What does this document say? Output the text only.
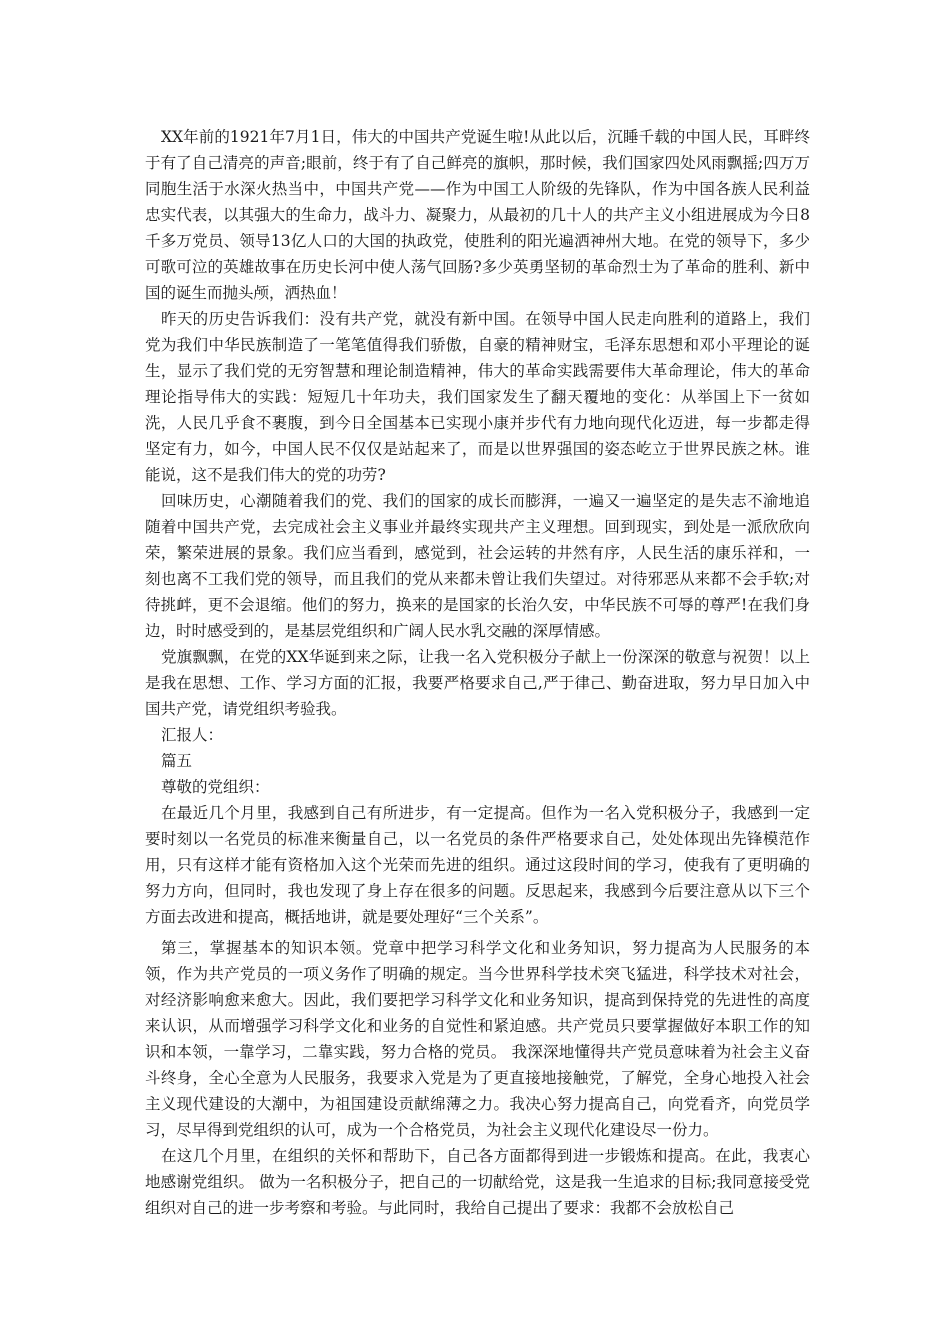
XX年前的1921年7月1日，伟大的中国共产党诞生啦!从此以后，沉睡千载的中国人民，耳畔终于有了自己清亮的声音;眼前，终于有了自己鲜亮的旗帜，那时候，我们国家四处风雨飘摇;四万万同胞生活于水深火热当中，中国共产党——作为中国工人阶级的先锋队，作为中国各族人民利益忠实代表，以其强大的生命力，战斗力、凝聚力，从最初的几十人的共产主义小组进展成为今日8千多万党员、领导13亿人口的大国的执政党，使胜利的阳光遍洒神州大地。在党的领导下，多少可歌可泣的英雄故事在历史长河中使人荡气回肠?多少英勇坚韧的革命烈士为了革命的胜利、新中国的诞生而抛头颅，洒热血！

昨天的历史告诉我们：没有共产党，就没有新中国。在领导中国人民走向胜利的道路上，我们党为我们中华民族制造了一笔笔值得我们骄傲，自豪的精神财宝，毛泽东思想和邓小平理论的诞生，显示了我们党的无穷智慧和理论制造精神，伟大的革命实践需要伟大革命理论，伟大的革命理论指导伟大的实践：短短几十年功夫，我们国家发生了翻天覆地的变化：从举国上下一贫如洗，人民几乎食不裹腹，到今日全国基本已实现小康并步代有力地向现代化迈进，每一步都走得坚定有力，如今，中国人民不仅仅是站起来了，而是以世界强国的姿态屹立于世界民族之林。谁能说，这不是我们伟大的党的功劳?

回味历史，心潮随着我们的党、我们的国家的成长而膨湃，一遍又一遍坚定的是失志不渝地追随着中国共产党，去完成社会主义事业并最终实现共产主义理想。回到现实，到处是一派欣欣向荣，繁荣进展的景象。我们应当看到，感觉到，社会运转的井然有序，人民生活的康乐祥和，一刻也离不工我们党的领导，而且我们的党从来都未曾让我们失望过。对待邪恶从来都不会手软;对待挑衅，更不会退缩。他们的努力，换来的是国家的长治久安，中华民族不可辱的尊严!在我们身边，时时感受到的，是基层党组织和广阔人民水乳交融的深厚情感。

党旗飘飘，在党的XX华诞到来之际，让我一名入党积极分子献上一份深深的敬意与祝贺！以上是我在思想、工作、学习方面的汇报，我要严格要求自己,严于律己、勤奋进取，努力早日加入中国共产党，请党组织考验我。

汇报人：

篇五

尊敬的党组织：

在最近几个月里，我感到自己有所进步，有一定提高。但作为一名入党积极分子，我感到一定要时刻以一名党员的标准来衡量自己，以一名党员的条件严格要求自己，处处体现出先锋模范作用，只有这样才能有资格加入这个光荣而先进的组织。通过这段时间的学习，使我有了更明确的努力方向，但同时，我也发现了身上存在很多的问题。反思起来，我感到今后要注意从以下三个方面去改进和提高，概括地讲，就是要处理好“三个关系”。

第三，掌握基本的知识本领。党章中把学习科学文化和业务知识，努力提高为人民服务的本领，作为共产党员的一项义务作了明确的规定。当今世界科学技术突飞猛进，科学技术对社会，对经济影响愈来愈大。因此，我们要把学习科学文化和业务知识，提高到保持党的先进性的高度来认识，从而增强学习科学文化和业务的自觉性和紧迫感。共产党员只要掌握做好本职工作的知识和本领，一靠学习，二靠实践，努力合格的党员。 我深深地懂得共产党员意味着为社会主义奋斗终身，全心全意为人民服务，我要求入党是为了更直接地接触党，了解党，全身心地投入社会主义现代建设的大潮中，为祖国建设贡献绵薄之力。我决心努力提高自己，向党看齐，向党员学习，尽早得到党组织的认可，成为一个合格党员，为社会主义现代化建设尽一份力。

在这几个月里，在组织的关怀和帮助下，自己各方面都得到进一步锻炼和提高。在此，我衷心地感谢党组织。 做为一名积极分子，把自己的一切献给党，这是我一生追求的目标;我同意接受党组织对自己的进一步考察和考验。与此同时，我给自己提出了要求：我都不会放松自己
